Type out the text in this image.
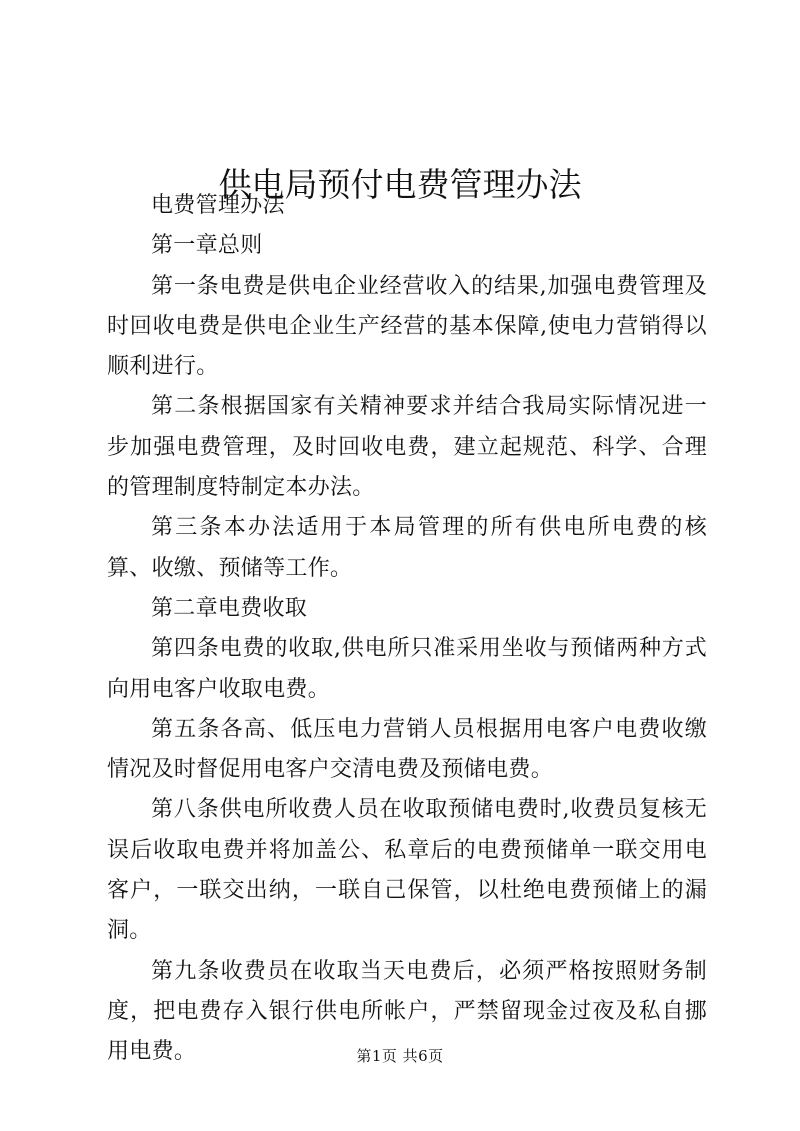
供电局预付电费管理办法

电费管理办法

第一章总则

第一条电费是供电企业经营收入的结果,加强电费管理及时回收电费是供电企业生产经营的基本保障,使电力营销得以顺利进行。

第二条根据国家有关精神要求并结合我局实际情况进一步加强电费管理，及时回收电费，建立起规范、科学、合理的管理制度特制定本办法。

第三条本办法适用于本局管理的所有供电所电费的核算、收缴、预储等工作。

第二章电费收取

第四条电费的收取,供电所只准采用坐收与预储两种方式向用电客户收取电费。

第五条各高、低压电力营销人员根据用电客户电费收缴情况及时督促用电客户交清电费及预储电费。

第八条供电所收费人员在收取预储电费时,收费员复核无误后收取电费并将加盖公、私章后的电费预储单一联交用电客户，一联交出纳，一联自己保管，以杜绝电费预储上的漏洞。

第九条收费员在收取当天电费后，必须严格按照财务制度，把电费存入银行供电所帐户，严禁留现金过夜及私自挪用电费。	第1页 共6页
